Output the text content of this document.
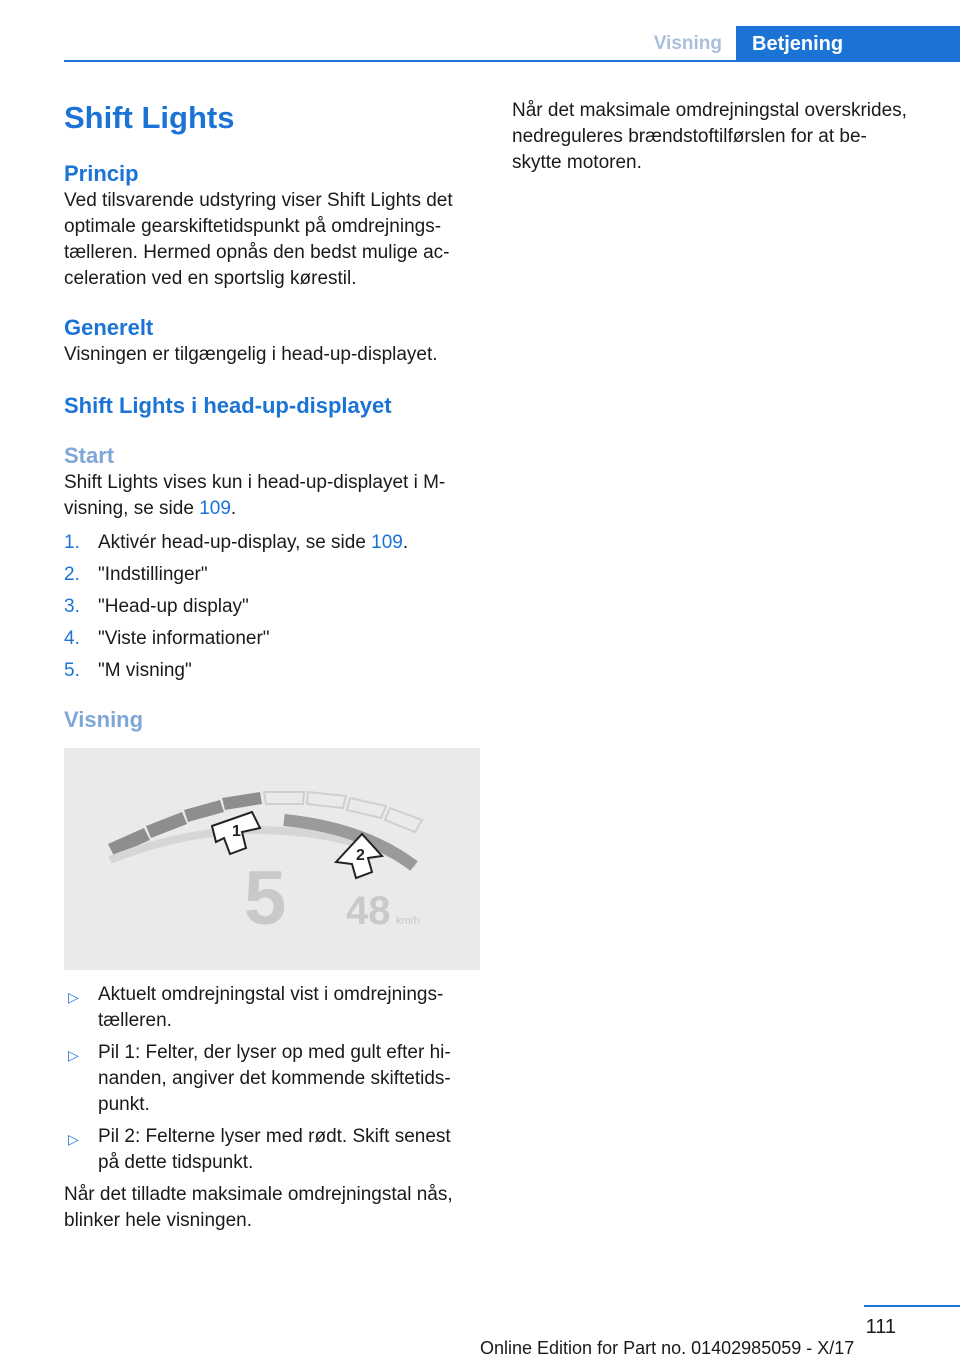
Visning	Betjening
Shift Lights
Princip

Ved tilsvarende udstyring viser Shift Lights det
optimale gearskiftetidspunkt på omdrejnings-
tælleren. Hermed opnås den bedst mulige ac-
celeration ved en sportslig kørestil.

Generelt

Visningen er tilgængelig i head-up-displayet.

Shift Lights i head-up-displayet
Start

Shift Lights vises kun i head-up-displayet i M-
visning, se side 109.

1. Aktivér head-up-display, se side 109.
2. "Indstillinger"
3. "Head-up display"
4. "Viste informationer"
5. "M visning"
Visning
1
2
5 48 km/h
▷	Aktuelt omdrejningstal vist i omdrejnings-
tælleren.
▷	Pil 1: Felter, der lyser op med gult efter hi-
nanden, angiver det kommende skiftetids-
punkt.
▷	Pil 2: Felterne lyser med rødt. Skift senest
på dette tidspunkt.

Når det tilladte maksimale omdrejningstal nås,
blinker hele visningen.

Når det maksimale omdrejningstal overskrides,
nedreguleres brændstoftilførslen for at be-
skytte motoren.

111
Online Edition for Part no. 01402985059 - X/17
